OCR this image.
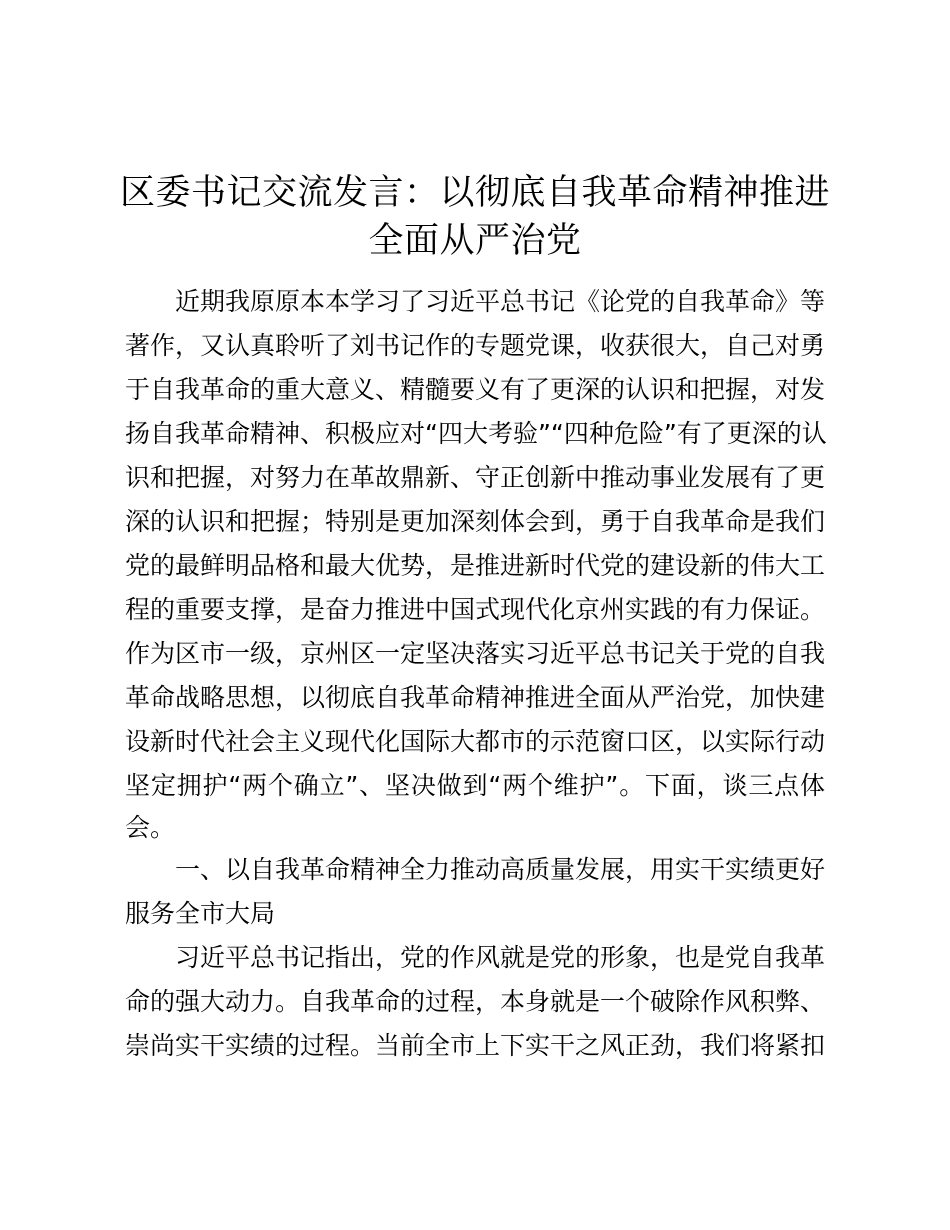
区委书记交流发言：以彻底自我革命精神推进
全面从严治党
近期我原原本本学习了习近平总书记《论党的自我革命》等
著作，又认真聆听了刘书记作的专题党课，收获很大，自己对勇
于自我革命的重大意义、精髓要义有了更深的认识和把握，对发
扬自我革命精神、积极应对“四大考验”“四种危险”有了更深的认
识和把握，对努力在革故鼎新、守正创新中推动事业发展有了更
深的认识和把握；特别是更加深刻体会到，勇于自我革命是我们
党的最鲜明品格和最大优势，是推进新时代党的建设新的伟大工
程的重要支撑，是奋力推进中国式现代化京州实践的有力保证。
作为区市一级，京州区一定坚决落实习近平总书记关于党的自我
革命战略思想，以彻底自我革命精神推进全面从严治党，加快建
设新时代社会主义现代化国际大都市的示范窗口区，以实际行动
坚定拥护“两个确立”、坚决做到“两个维护”。下面，谈三点体
会。
一、以自我革命精神全力推动高质量发展，用实干实绩更好
服务全市大局
习近平总书记指出，党的作风就是党的形象，也是党自我革
命的强大动力。自我革命的过程，本身就是一个破除作风积弊、
崇尚实干实绩的过程。当前全市上下实干之风正劲，我们将紧扣
